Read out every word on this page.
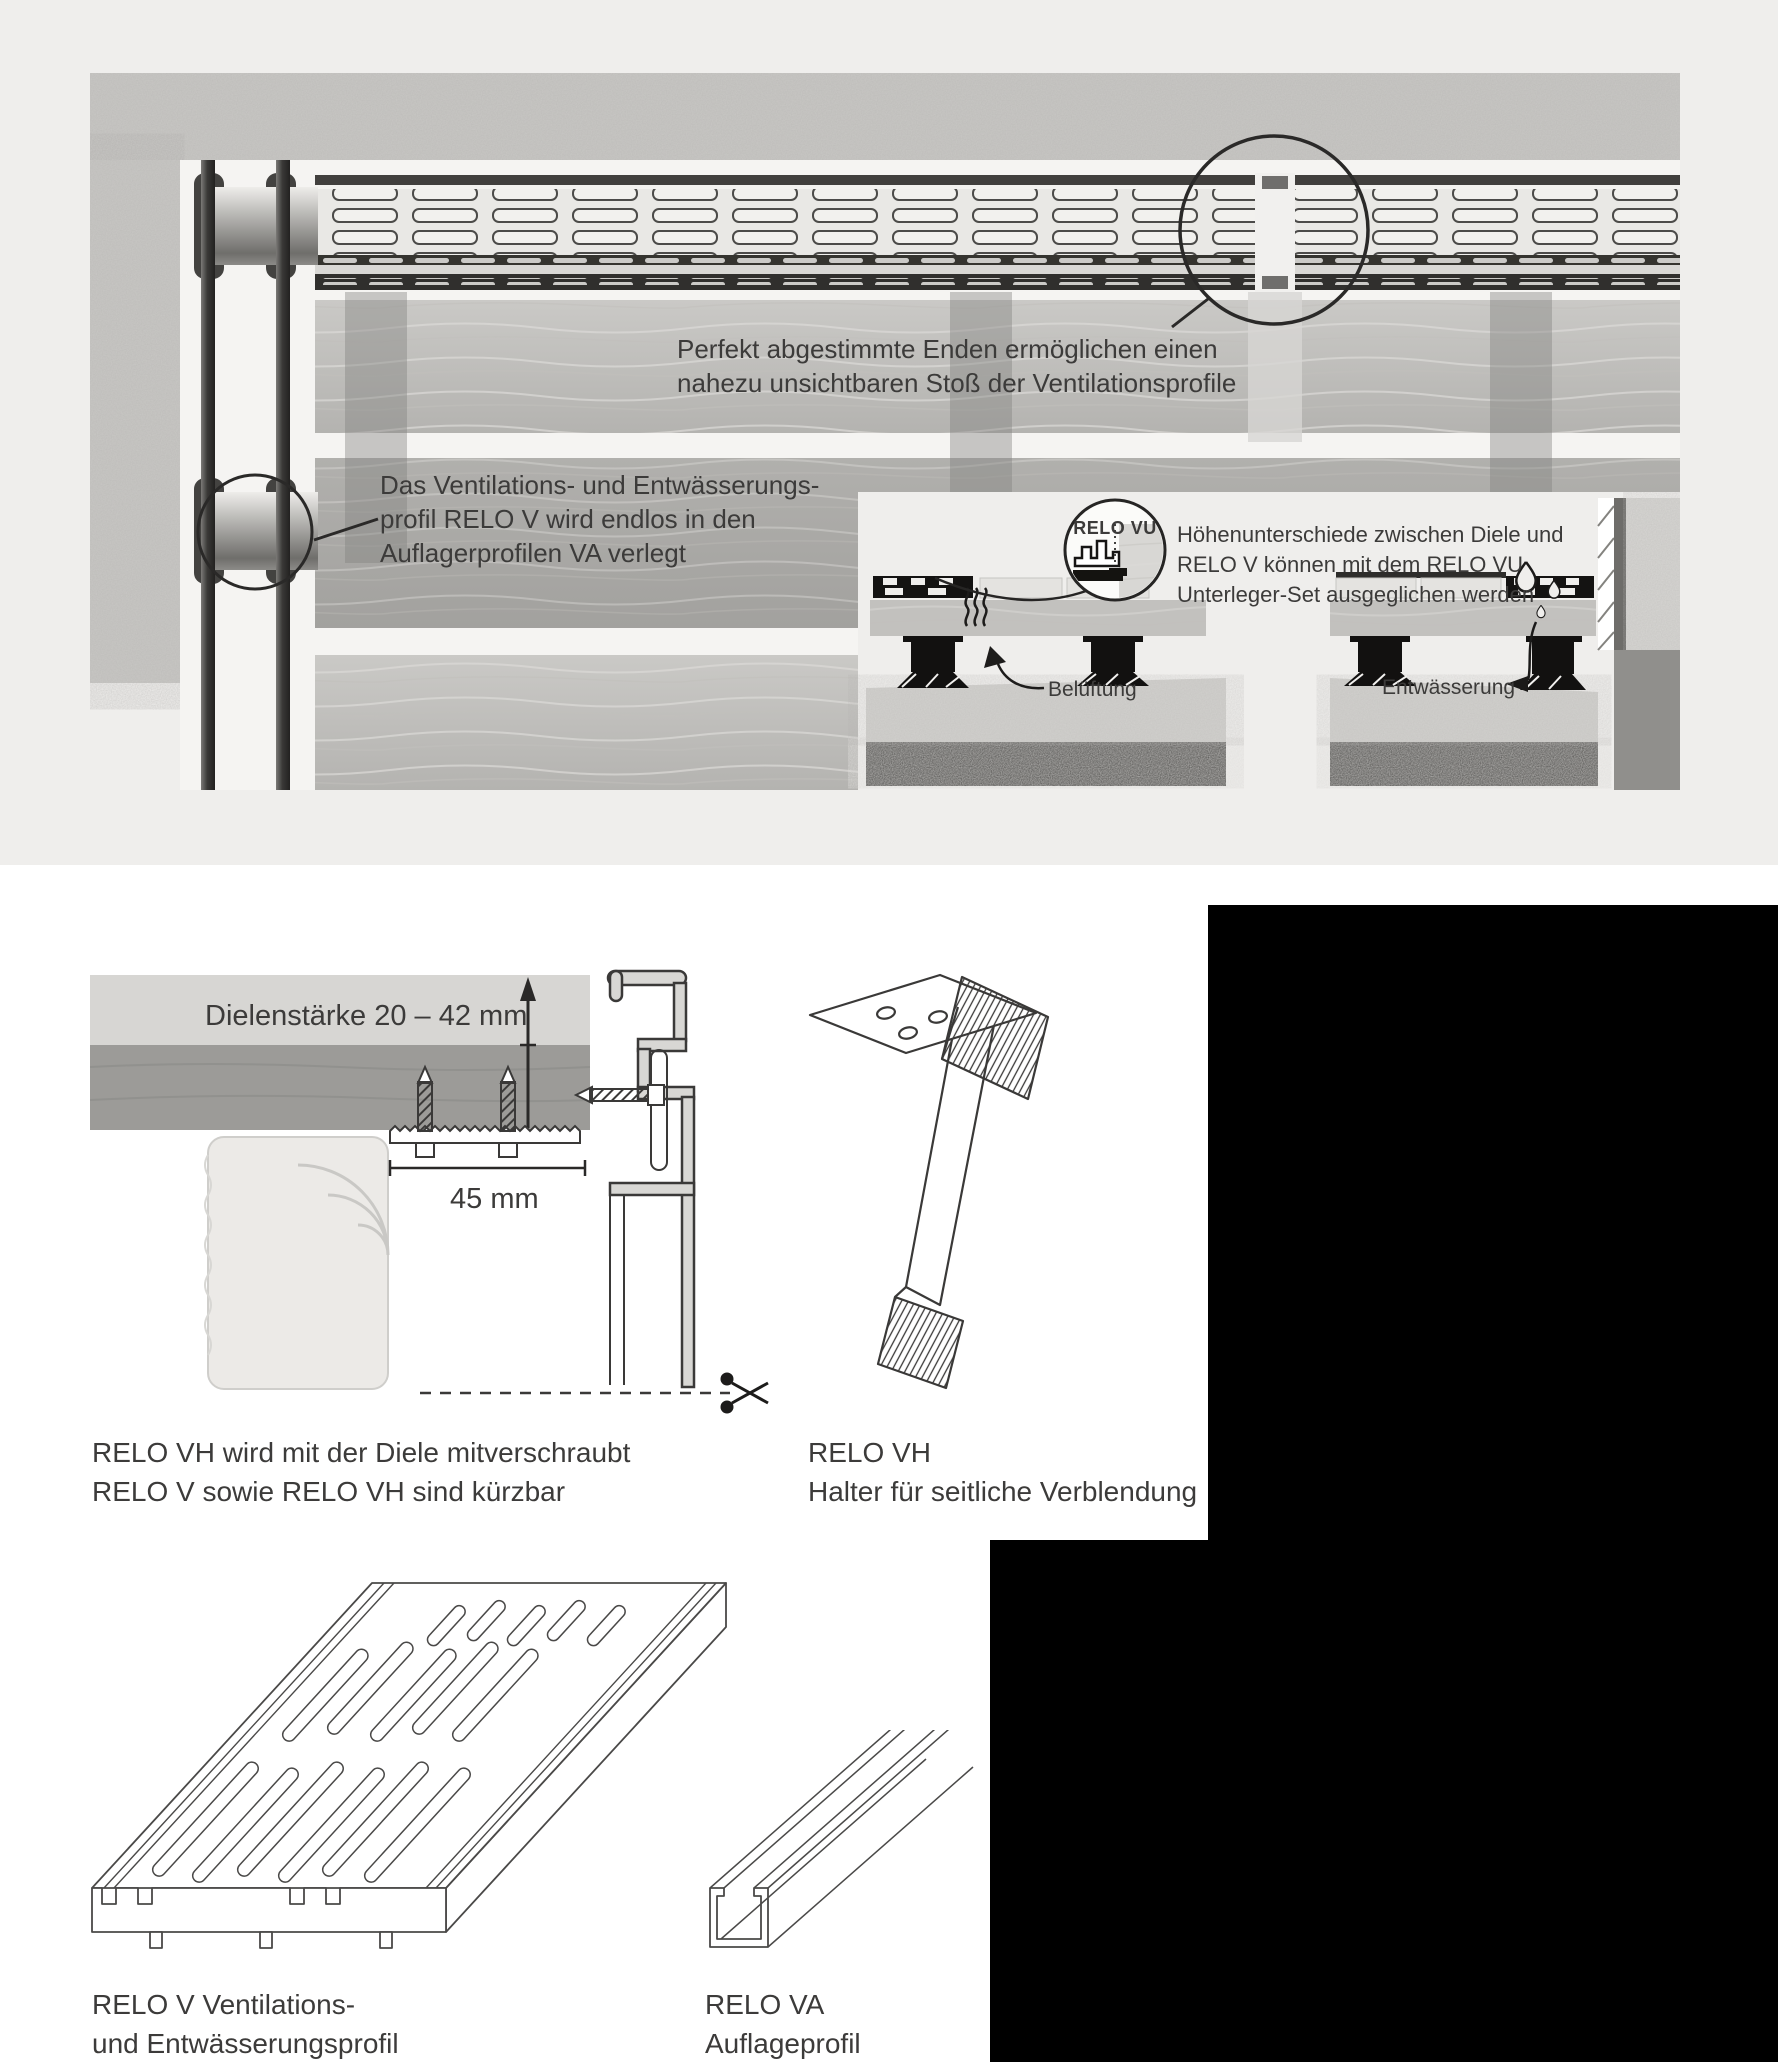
Perfekt abgestimmte Enden ermöglichen einen
nahezu unsichtbaren Stoß der Ventilationsprofile
Das Ventilations- und Entwässerungs-
profil RELO V wird endlos in den
Auflagerprofilen VA verlegt
RELO VU Höhenunterschiede zwischen Diele und
RELO V können mit dem RELO VU
Unterleger-Set ausgeglichen werden
Belüftung	Entwässerung
RELO VH wird mit der Diele mitverschraubt
RELO V sowie RELO VH sind kürzbar
RELO VH
Halter für seitliche Verblendung
Dielenstärke 20 – 42 mm
45 mm
RELO V Ventilations-
und Entwässerungsprofil
RELO VA
Auflageprofil
